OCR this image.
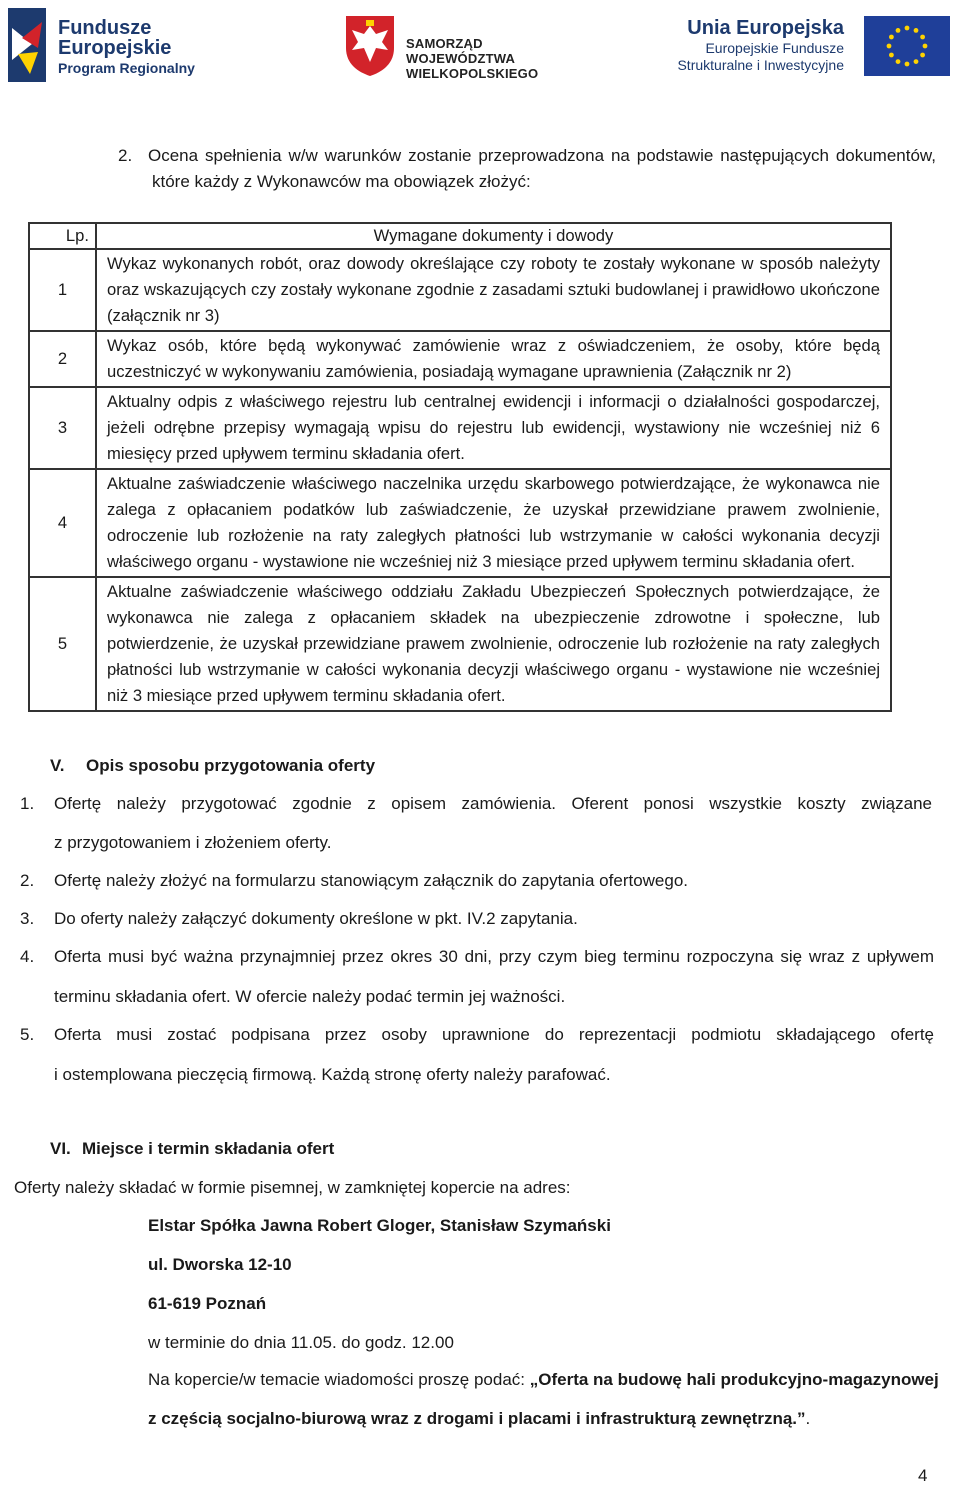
Fundusze
Europejskie
Program Regionalny
SAMORZĄD WOJEWÓDZTWA
WIELKOPOLSKIEGO
Unia Europejska
Europejskie Fundusze
Strukturalne i Inwestycyjne
2. Ocena spełnienia w/w warunków zostanie przeprowadzona na podstawie następujących dokumentów,
które każdy z Wykonawców ma obowiązek złożyć:
Lp.	Wymagane dokumenty i dowody
1	Wykaz wykonanych robót, oraz dowody określające czy roboty te zostały wykonane w sposób należyty oraz wskazujących czy zostały wykonane zgodnie z zasadami sztuki budowlanej i prawidłowo ukończone (załącznik nr 3)
2	Wykaz osób, które będą wykonywać zamówienie wraz z oświadczeniem, że osoby, które będą uczestniczyć w wykonywaniu zamówienia, posiadają wymagane uprawnienia (Załącznik nr 2)
3	Aktualny odpis z właściwego rejestru lub centralnej ewidencji i informacji o działalności gospodarczej, jeżeli odrębne przepisy wymagają wpisu do rejestru lub ewidencji, wystawiony nie wcześniej niż 6 miesięcy przed upływem terminu składania ofert.
4	Aktualne zaświadczenie właściwego naczelnika urzędu skarbowego potwierdzające, że wykonawca nie zalega z opłacaniem podatków lub zaświadczenie, że uzyskał przewidziane prawem zwolnienie, odroczenie lub rozłożenie na raty zaległych płatności lub wstrzymanie w całości wykonania decyzji właściwego organu - wystawione nie wcześniej niż 3 miesiące przed upływem terminu składania ofert.
5	Aktualne zaświadczenie właściwego oddziału Zakładu Ubezpieczeń Społecznych potwierdzające, że wykonawca nie zalega z opłacaniem składek na ubezpieczenie zdrowotne i społeczne, lub potwierdzenie, że uzyskał przewidziane prawem zwolnienie, odroczenie lub rozłożenie na raty zaległych płatności lub wstrzymanie w całości wykonania decyzji właściwego organu - wystawione nie wcześniej niż 3 miesiące przed upływem terminu składania ofert.
V. Opis sposobu przygotowania oferty
1. Ofertę należy przygotować zgodnie z opisem zamówienia. Oferent ponosi wszystkie koszty związane
z przygotowaniem i złożeniem oferty.
2. Ofertę należy złożyć na formularzu stanowiącym załącznik do zapytania ofertowego.
3. Do oferty należy załączyć dokumenty określone w pkt. IV.2 zapytania.
4. Oferta musi być ważna przynajmniej przez okres 30 dni, przy czym bieg terminu rozpoczyna się wraz z upływem
terminu składania ofert. W ofercie należy podać termin jej ważności.
5. Oferta musi zostać podpisana przez osoby uprawnione do reprezentacji podmiotu składającego ofertę
i ostemplowana pieczęcią firmową. Każdą stronę oferty należy parafować.
VI. Miejsce i termin składania ofert
Oferty należy składać w formie pisemnej, w zamkniętej kopercie na adres:
Elstar Spółka Jawna Robert Gloger, Stanisław Szymański
ul. Dworska 12-10
61-619 Poznań
w terminie do dnia 11.05. do godz. 12.00
Na kopercie/w temacie wiadomości proszę podać: „Oferta na budowę hali produkcyjno-magazynowej
z częścią socjalno-biurową wraz z drogami i placami i infrastrukturą zewnętrzną.”.
4
